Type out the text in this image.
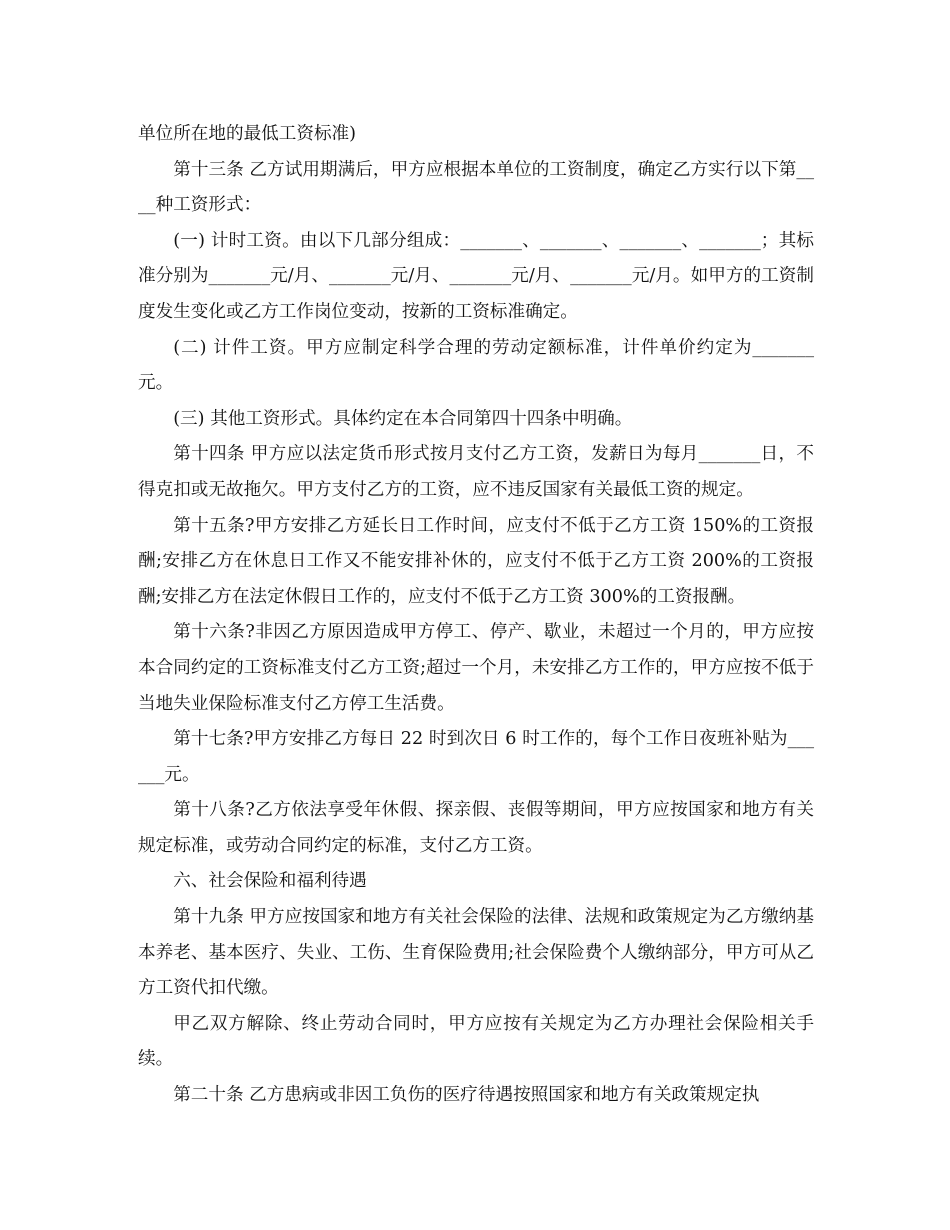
单位所在地的最低工资标准)

第十三条 乙方试用期满后，甲方应根据本单位的工资制度，确定乙方实行以下第____种工资形式：

(一) 计时工资。由以下几部分组成：_______、_______、_______、_______；其标准分别为_______元/月、_______元/月、_______元/月、_______元/月。如甲方的工资制度发生变化或乙方工作岗位变动，按新的工资标准确定。

(二) 计件工资。甲方应制定科学合理的劳动定额标准，计件单价约定为_______元。

(三) 其他工资形式。具体约定在本合同第四十四条中明确。

第十四条 甲方应以法定货币形式按月支付乙方工资，发薪日为每月_______日，不得克扣或无故拖欠。甲方支付乙方的工资，应不违反国家有关最低工资的规定。

第十五条?甲方安排乙方延长日工作时间，应支付不低于乙方工资 150%的工资报酬;安排乙方在休息日工作又不能安排补休的，应支付不低于乙方工资 200%的工资报酬;安排乙方在法定休假日工作的，应支付不低于乙方工资 300%的工资报酬。

第十六条?非因乙方原因造成甲方停工、停产、歇业，未超过一个月的，甲方应按本合同约定的工资标准支付乙方工资;超过一个月，未安排乙方工作的，甲方应按不低于当地失业保险标准支付乙方停工生活费。

第十七条?甲方安排乙方每日 22 时到次日 6 时工作的，每个工作日夜班补贴为______元。

第十八条?乙方依法享受年休假、探亲假、丧假等期间，甲方应按国家和地方有关规定标准，或劳动合同约定的标准，支付乙方工资。

六、社会保险和福利待遇

第十九条 甲方应按国家和地方有关社会保险的法律、法规和政策规定为乙方缴纳基本养老、基本医疗、失业、工伤、生育保险费用;社会保险费个人缴纳部分，甲方可从乙方工资代扣代缴。

甲乙双方解除、终止劳动合同时，甲方应按有关规定为乙方办理社会保险相关手续。

第二十条 乙方患病或非因工负伤的医疗待遇按照国家和地方有关政策规定执
